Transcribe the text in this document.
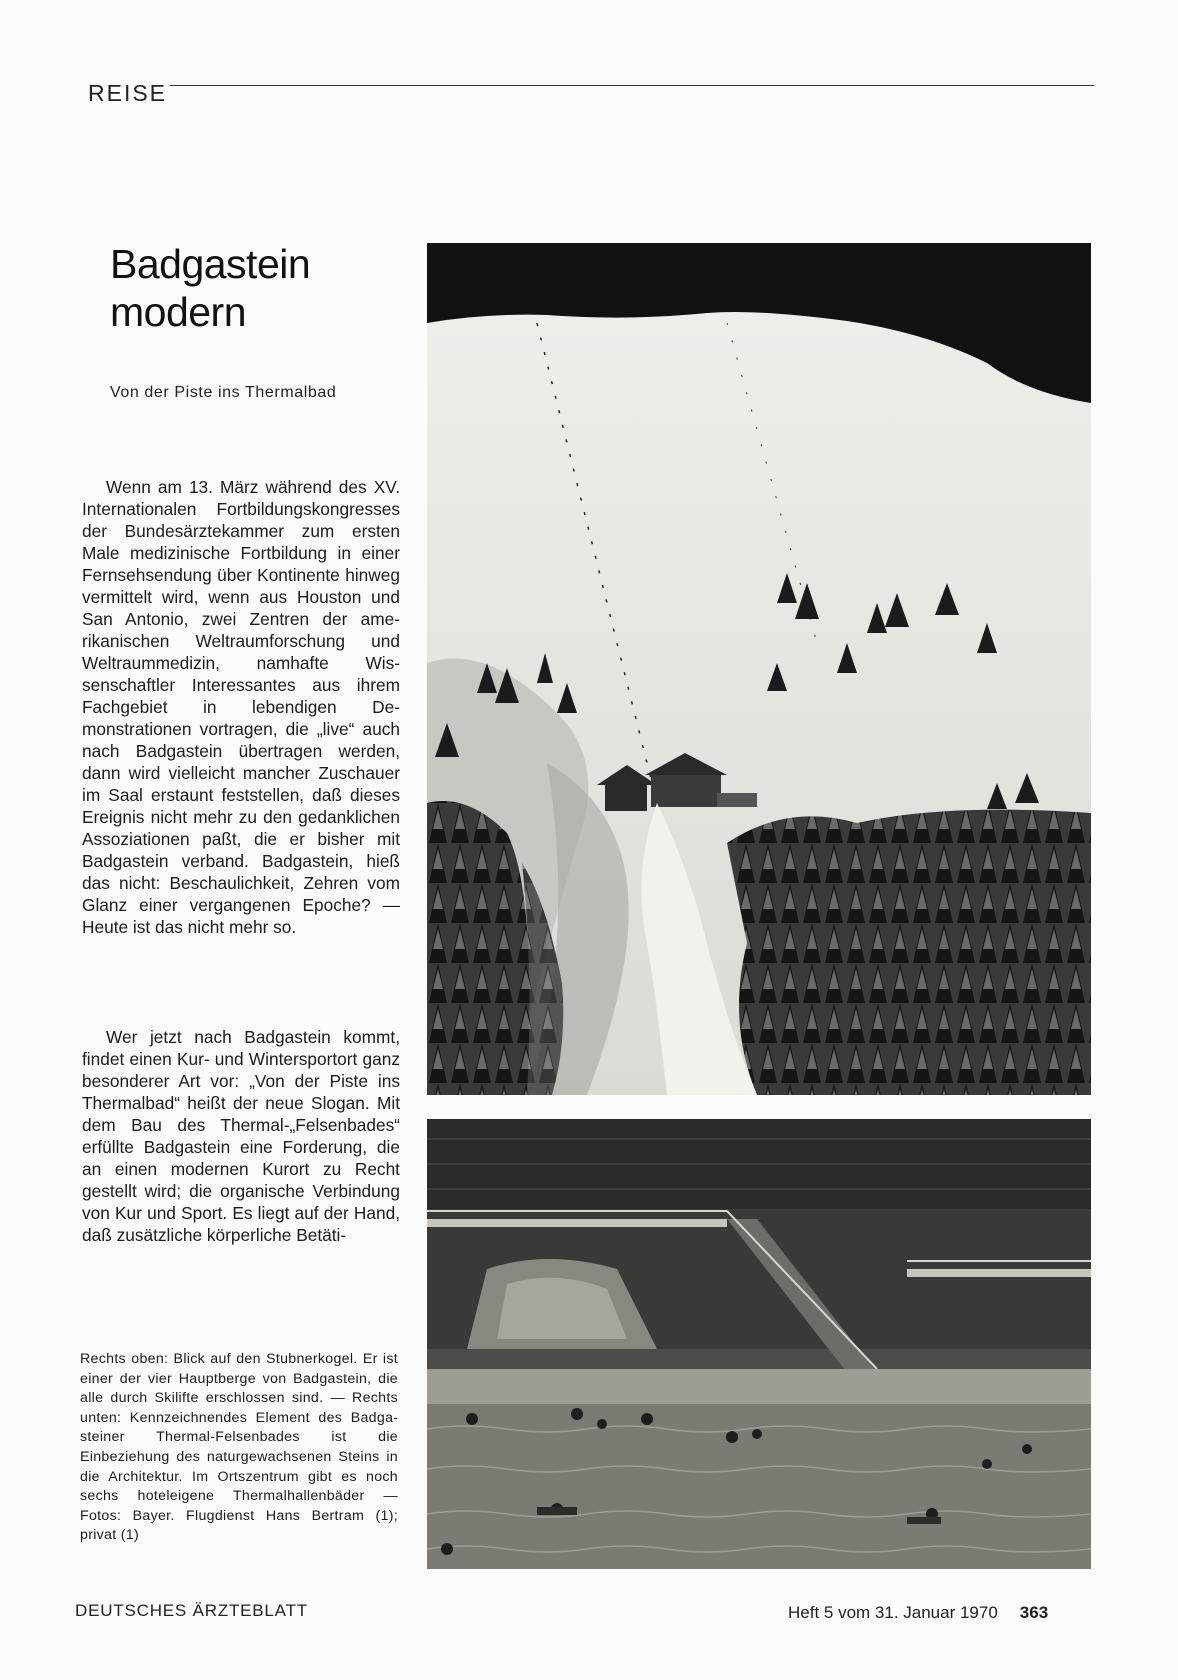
REISE
Badgastein
modern
Von der Piste ins Thermalbad

Wenn am 13. März während des XV. Internationalen Fortbildungskongresses der Bundesärztekammer zum ersten Male medizinische Fortbildung in einer Fernsehsendung über Kontinente hinweg vermittelt wird, wenn aus Houston und San Antonio, zwei Zentren der amerikanischen Weltraumforschung und Weltraummedizin, namhafte Wissenschaftler Interessantes aus ihrem Fachgebiet in lebendigen Demonstrationen vortragen, die „live“ auch nach Badgastein übertragen werden, dann wird vielleicht mancher Zuschauer im Saal erstaunt feststellen, daß dieses Ereignis nicht mehr zu den gedanklichen Assoziationen paßt, die er bisher mit Badgastein verband. Badgastein, hieß das nicht: Beschaulichkeit, Zehren vom Glanz einer vergangenen Epoche? — Heute ist das nicht mehr so.

Wer jetzt nach Badgastein kommt, findet einen Kur- und Wintersportort ganz besonderer Art vor: „Von der Piste ins Thermalbad“ heißt der neue Slogan. Mit dem Bau des Thermal-„Felsenbades“ erfüllte Badgastein eine Forderung, die an einen modernen Kurort zu Recht gestellt wird; die organische Verbindung von Kur und Sport. Es liegt auf der Hand, daß zusätzliche körperliche Betäti-

Rechts oben: Blick auf den Stubnerkogel. Er ist einer der vier Hauptberge von Badgastein, die alle durch Skilifte erschlossen sind. — Rechts unten: Kennzeichnendes Element des Badgasteiner Thermal-Felsenbades ist die Einbeziehung des naturgewachsenen Steins in die Architektur. Im Ortszentrum gibt es noch sechs hoteleigene Thermalhallenbäder — Fotos: Bayer. Flugdienst Hans Bertram (1); privat (1)
DEUTSCHES ÄRZTEBLATT	Heft 5 vom 31. Januar 1970 363
